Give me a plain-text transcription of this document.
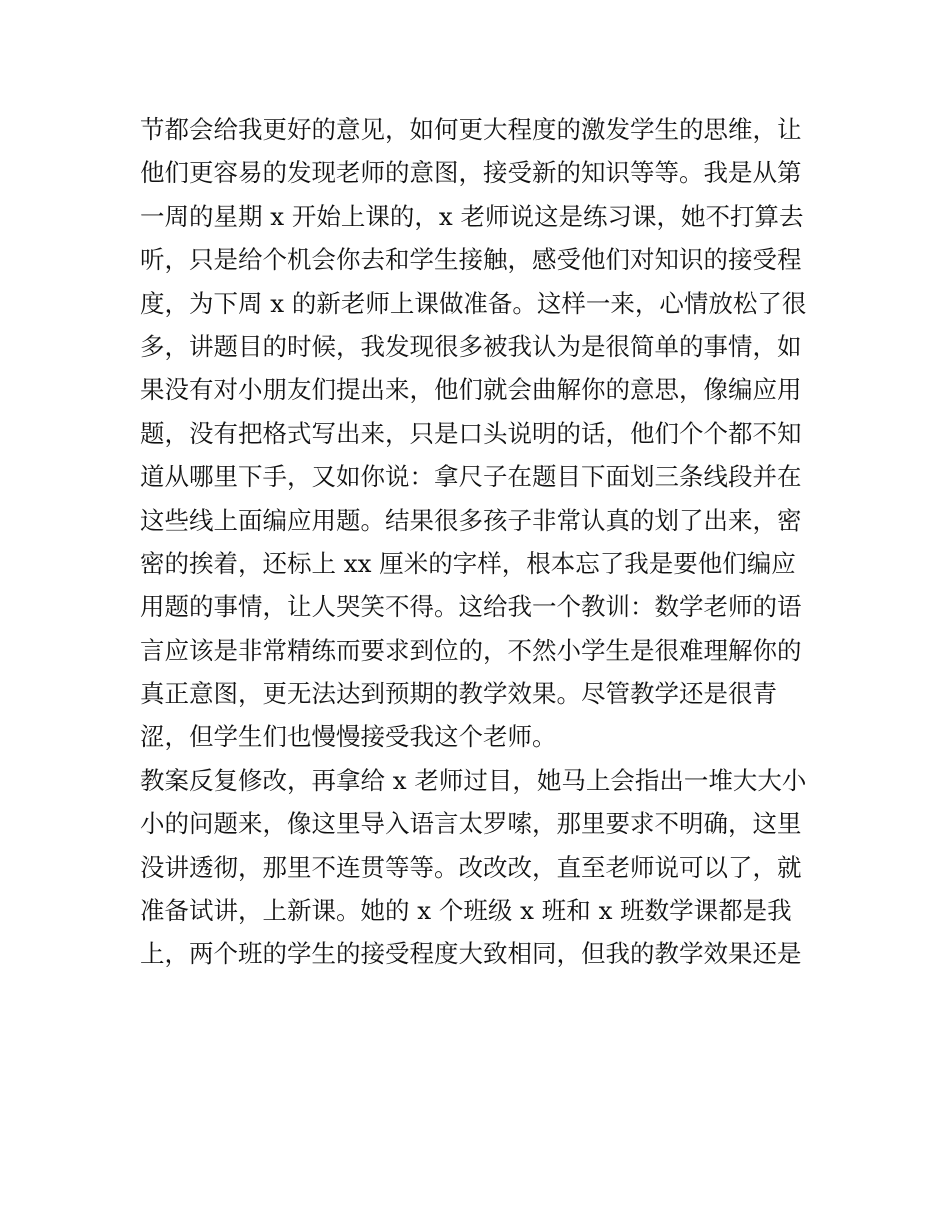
节都会给我更好的意见，如何更大程度的激发学生的思维，让
他们更容易的发现老师的意图，接受新的知识等等。我是从第
一周的星期 x 开始上课的，x 老师说这是练习课，她不打算去
听，只是给个机会你去和学生接触，感受他们对知识的接受程
度，为下周 x 的新老师上课做准备。这样一来，心情放松了很
多，讲题目的时候，我发现很多被我认为是很简单的事情，如
果没有对小朋友们提出来，他们就会曲解你的意思，像编应用
题，没有把格式写出来，只是口头说明的话，他们个个都不知
道从哪里下手，又如你说：拿尺子在题目下面划三条线段并在
这些线上面编应用题。结果很多孩子非常认真的划了出来，密
密的挨着，还标上 xx 厘米的字样，根本忘了我是要他们编应
用题的事情，让人哭笑不得。这给我一个教训：数学老师的语
言应该是非常精练而要求到位的，不然小学生是很难理解你的
真正意图，更无法达到预期的教学效果。尽管教学还是很青
涩，但学生们也慢慢接受我这个老师。
教案反复修改，再拿给 x 老师过目，她马上会指出一堆大大小
小的问题来，像这里导入语言太罗嗦，那里要求不明确，这里
没讲透彻，那里不连贯等等。改改改，直至老师说可以了，就
准备试讲，上新课。她的 x 个班级 x 班和 x 班数学课都是我
上，两个班的学生的接受程度大致相同，但我的教学效果还是
